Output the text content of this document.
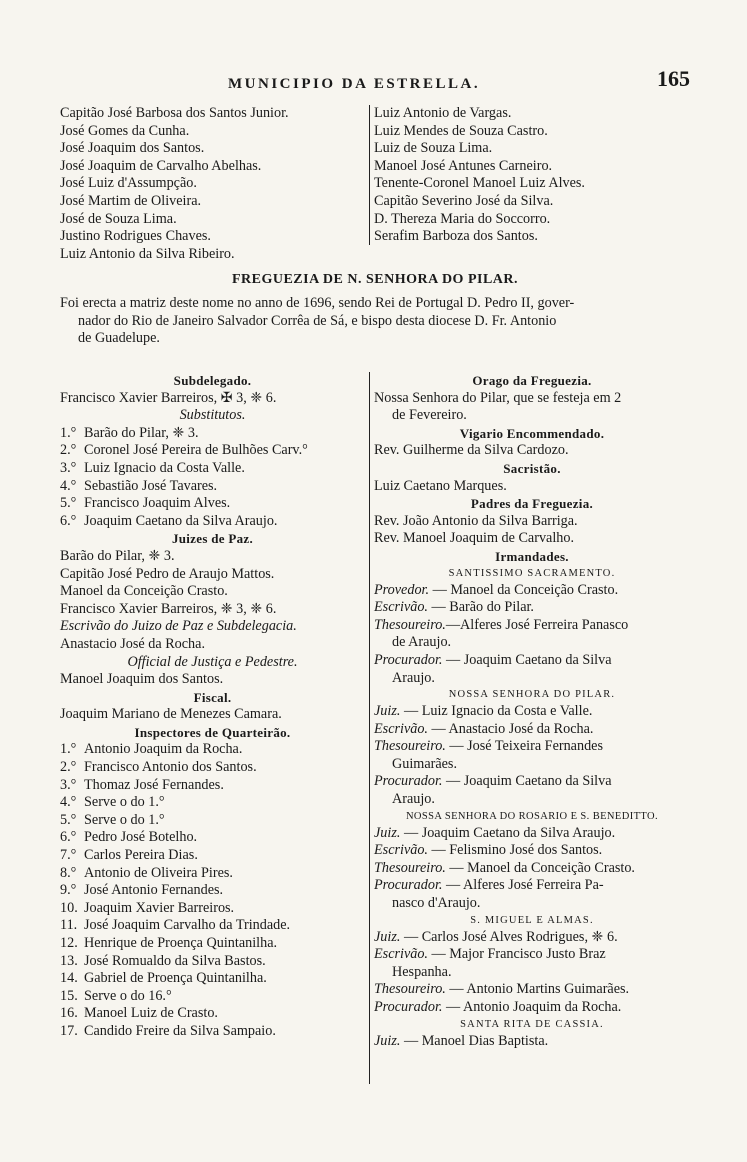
MUNICIPIO DA ESTRELLA.	165
Capitão José Barbosa dos Santos Junior.
José Gomes da Cunha.
José Joaquim dos Santos.
José Joaquim de Carvalho Abelhas.
José Luiz d'Assumpção.
José Martim de Oliveira.
José de Souza Lima.
Justino Rodrigues Chaves.
Luiz Antonio da Silva Ribeiro.
Luiz Antonio de Vargas.
Luiz Mendes de Souza Castro.
Luiz de Souza Lima.
Manoel José Antunes Carneiro.
Tenente-Coronel Manoel Luiz Alves.
Capitão Severino José da Silva.
D. Thereza Maria do Soccorro.
Serafim Barboza dos Santos.
FREGUEZIA DE N. SENHORA DO PILAR.

Foi erecta a matriz deste nome no anno de 1696, sendo Rei de Portugal D. Pedro II, gover-

nador do Rio de Janeiro Salvador Corrêa de Sá, e bispo desta diocese D. Fr. Antonio

de Guadelupe.

Subdelegado.
Francisco Xavier Barreiros, ✠ 3, ❈ 6.
Substitutos.
1.° Barão do Pilar, ❈ 3.
2.° Coronel José Pereira de Bulhões Carv.°
3.° Luiz Ignacio da Costa Valle.
4.° Sebastião José Tavares.
5.° Francisco Joaquim Alves.
6.° Joaquim Caetano da Silva Araujo.
Juizes de Paz.
Barão do Pilar, ❈ 3.
Capitão José Pedro de Araujo Mattos.
Manoel da Conceição Crasto.
Francisco Xavier Barreiros, ❈ 3, ❈ 6.
Escrivão do Juizo de Paz e Subdelegacia.
Anastacio José da Rocha.
Official de Justiça e Pedestre.
Manoel Joaquim dos Santos.
Fiscal.
Joaquim Mariano de Menezes Camara.
Inspectores de Quarteirão.
1.° Antonio Joaquim da Rocha.
2.° Francisco Antonio dos Santos.
3.° Thomaz José Fernandes.
4.° Serve o do 1.°
5.° Serve o do 1.°
6.° Pedro José Botelho.
7.° Carlos Pereira Dias.
8.° Antonio de Oliveira Pires.
9.° José Antonio Fernandes.
10. Joaquim Xavier Barreiros.
11. José Joaquim Carvalho da Trindade.
12. Henrique de Proença Quintanilha.
13. José Romualdo da Silva Bastos.
14. Gabriel de Proença Quintanilha.
15. Serve o do 16.°
16. Manoel Luiz de Crasto.
17. Candido Freire da Silva Sampaio.
Orago da Freguezia.
Nossa Senhora do Pilar, que se festeja em 2
de Fevereiro.
Vigario Encommendado.
Rev. Guilherme da Silva Cardozo.
Sacristão.
Luiz Caetano Marques.
Padres da Freguezia.
Rev. João Antonio da Silva Barriga.
Rev. Manoel Joaquim de Carvalho.
Irmandades.
SANTISSIMO SACRAMENTO.
Provedor. — Manoel da Conceição Crasto.
Escrivão. — Barão do Pilar.
Thesoureiro.—Alferes José Ferreira Panasco
de Araujo.
Procurador. — Joaquim Caetano da Silva
Araujo.
NOSSA SENHORA DO PILAR.
Juiz. — Luiz Ignacio da Costa e Valle.
Escrivão. — Anastacio José da Rocha.
Thesoureiro. — José Teixeira Fernandes
Guimarães.
Procurador. — Joaquim Caetano da Silva
Araujo.
NOSSA SENHORA DO ROSARIO E S. BENEDITTO.
Juiz. — Joaquim Caetano da Silva Araujo.
Escrivão. — Felismino José dos Santos.
Thesoureiro. — Manoel da Conceição Crasto.
Procurador. — Alferes José Ferreira Pa-
nasco d'Araujo.
S. MIGUEL E ALMAS.
Juiz. — Carlos José Alves Rodrigues, ❈ 6.
Escrivão. — Major Francisco Justo Braz
Hespanha.
Thesoureiro. — Antonio Martins Guimarães.
Procurador. — Antonio Joaquim da Rocha.
SANTA RITA DE CASSIA.
Juiz. — Manoel Dias Baptista.
